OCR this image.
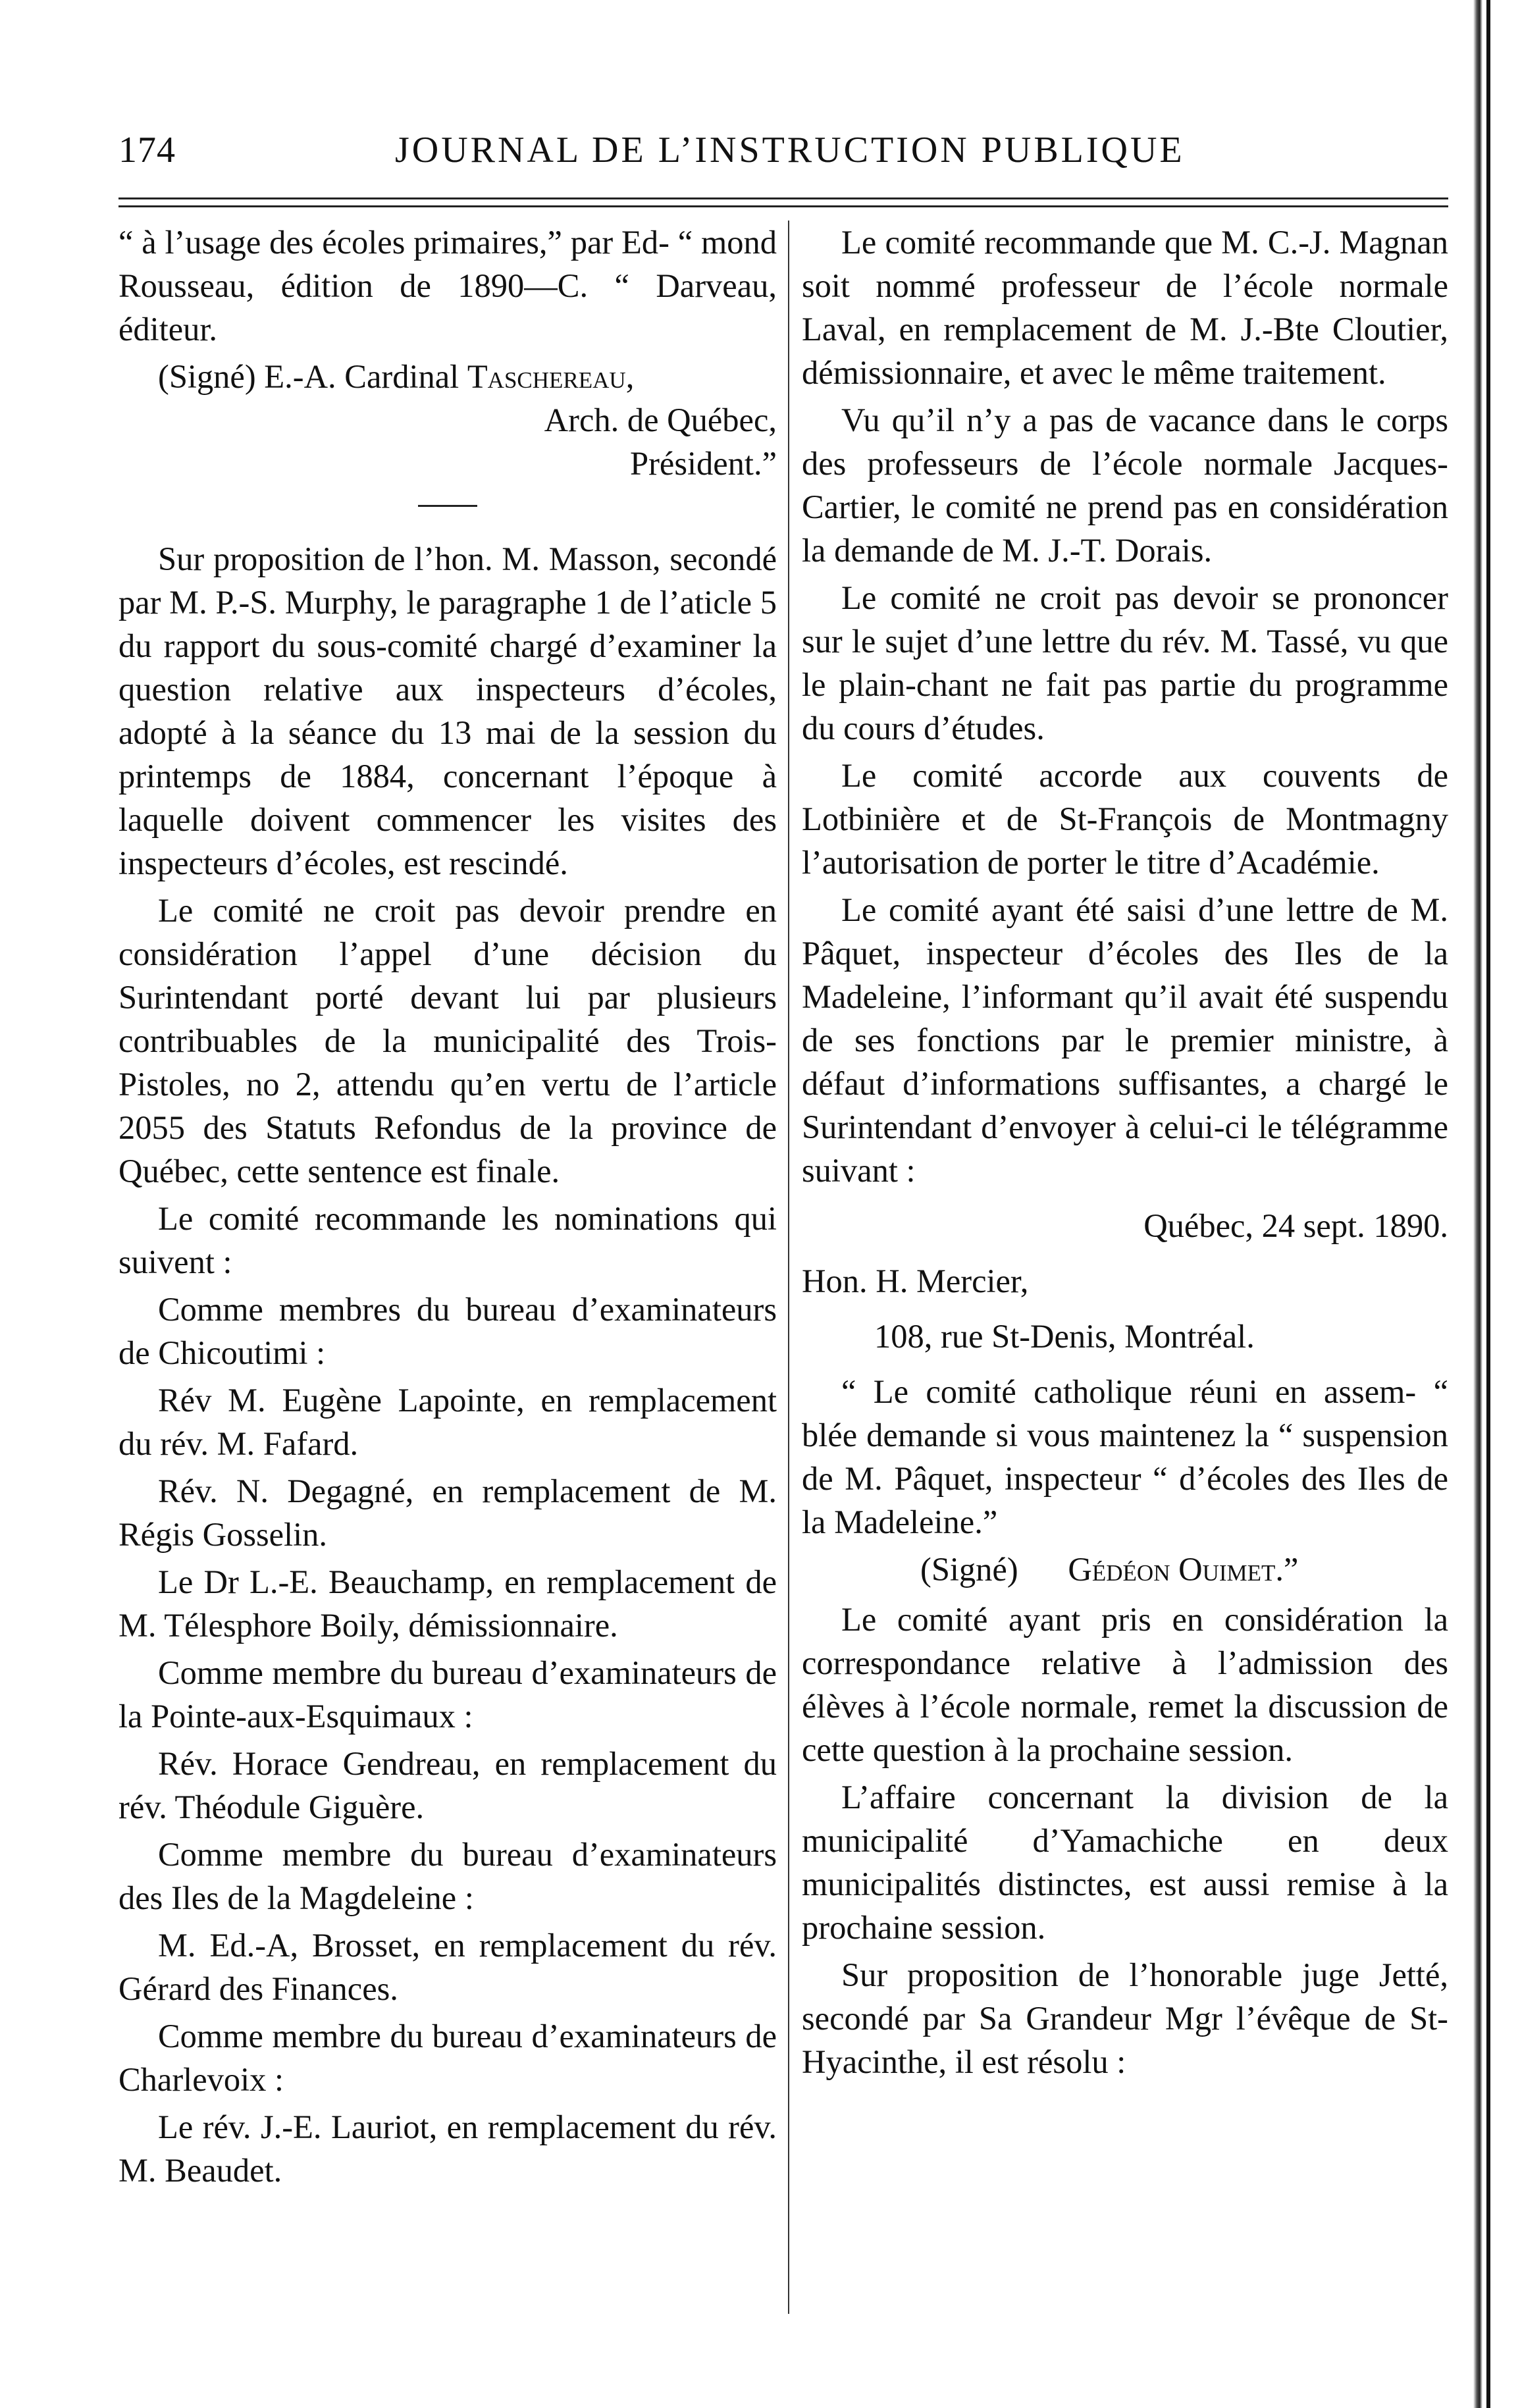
174	JOURNAL DE L’INSTRUCTION PUBLIQUE

“ à l’usage des écoles primaires,” par Ed- “ mond Rousseau, édition de 1890—C. “ Darveau, éditeur.

(Signé) E.-A. Cardinal Taschereau,

Arch. de Québec,

Président.”

Sur proposition de l’hon. M. Masson, secondé par M. P.-S. Murphy, le paragraphe 1 de l’aticle 5 du rapport du sous-comité chargé d’examiner la question relative aux inspecteurs d’écoles, adopté à la séance du 13 mai de la session du printemps de 1884, concernant l’époque à laquelle doivent commencer les visites des inspecteurs d’écoles, est rescindé.

Le comité ne croit pas devoir prendre en considération l’appel d’une décision du Surintendant porté devant lui par plusieurs contribuables de la municipalité des Trois-Pistoles, no 2, attendu qu’en vertu de l’article 2055 des Statuts Refondus de la province de Québec, cette sentence est finale.

Le comité recommande les nominations qui suivent :

Comme membres du bureau d’examinateurs de Chicoutimi :

Rév M. Eugène Lapointe, en remplacement du rév. M. Fafard.

Rév. N. Degagné, en remplacement de M. Régis Gosselin.

Le Dr L.-E. Beauchamp, en remplacement de M. Télesphore Boily, démissionnaire.

Comme membre du bureau d’examinateurs de la Pointe-aux-Esquimaux :

Rév. Horace Gendreau, en remplacement du rév. Théodule Giguère.

Comme membre du bureau d’examinateurs des Iles de la Magdeleine :

M. Ed.-A, Brosset, en remplacement du rév. Gérard des Finances.

Comme membre du bureau d’examinateurs de Charlevoix :

Le rév. J.-E. Lauriot, en remplacement du rév. M. Beaudet.

Le comité recommande que M. C.-J. Magnan soit nommé professeur de l’école normale Laval, en remplacement de M. J.-Bte Cloutier, démissionnaire, et avec le même traitement.

Vu qu’il n’y a pas de vacance dans le corps des professeurs de l’école normale Jacques-Cartier, le comité ne prend pas en considération la demande de M. J.-T. Dorais.

Le comité ne croit pas devoir se prononcer sur le sujet d’une lettre du rév. M. Tassé, vu que le plain-chant ne fait pas partie du programme du cours d’études.

Le comité accorde aux couvents de Lotbinière et de St-François de Montmagny l’autorisation de porter le titre d’Académie.

Le comité ayant été saisi d’une lettre de M. Pâquet, inspecteur d’écoles des Iles de la Madeleine, l’informant qu’il avait été suspendu de ses fonctions par le premier ministre, à défaut d’informations suffisantes, a chargé le Surintendant d’envoyer à celui-ci le télégramme suivant :

Québec, 24 sept. 1890.

Hon. H. Mercier,

108, rue St-Denis, Montréal.

“ Le comité catholique réuni en assem- “ blée demande si vous maintenez la “ suspension de M. Pâquet, inspecteur “ d’écoles des Iles de la Madeleine.”

(Signé) Gédéon Ouimet.”

Le comité ayant pris en considération la correspondance relative à l’admission des élèves à l’école normale, remet la discussion de cette question à la prochaine session.

L’affaire concernant la division de la municipalité d’Yamachiche en deux municipalités distinctes, est aussi remise à la prochaine session.

Sur proposition de l’honorable juge Jetté, secondé par Sa Grandeur Mgr l’évêque de St-Hyacinthe, il est résolu :
